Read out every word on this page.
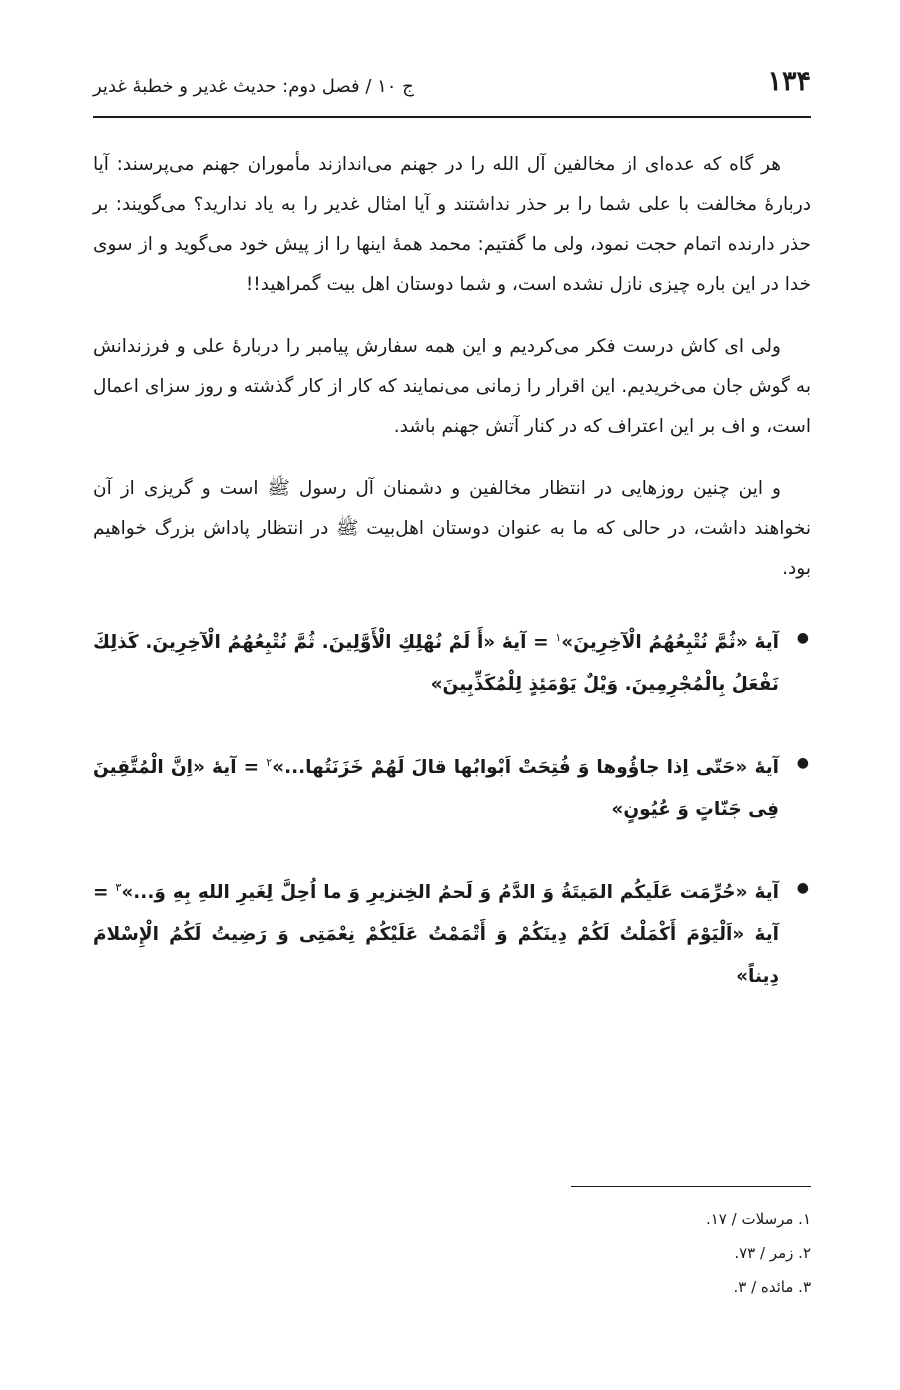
۱۳۴
ج ۱۰ / فصل دوم: حدیث غدیر و خطبهٔ غدیر

هر گاه كه عده‌ای از مخالفین آل الله را در جهنم می‌اندازند مأموران جهنم می‌پرسند: آیا دربارهٔ مخالفت با علی شما را بر حذر نداشتند و آیا امثال غدیر را به یاد ندارید؟ می‌گویند: بر حذر دارنده اتمام حجت نمود، ولی ما گفتیم: محمد همهٔ اینها را از پیش خود می‌گوید و از سوی خدا در این باره چیزی نازل نشده است، و شما دوستان اهل بیت گمراهید!!

ولی ای كاش درست فكر می‌كردیم و این همه سفارش پیامبر را دربارهٔ علی و فرزندانش به گوش جان می‌خریدیم. این اقرار را زمانی می‌نمایند كه كار از كار گذشته و روز سزای اعمال است، و اف بر این اعتراف كه در كنار آتش جهنم باشد.

و این چنین روزهایی در انتظار مخالفین و دشمنان آل رسول ﷺ است و گریزی از آن نخواهند داشت، در حالی كه ما به عنوان دوستان اهل‌بیت ﷺ در انتظار پاداش بزرگ خواهیم بود.

●
آیهٔ «ثُمَّ نُتْبِعُهُمُ الْآخِرِینَ»$^۱$ = آیهٔ «أَ لَمْ نُهْلِكِ الْأَوَّلِینَ. ثُمَّ نُتْبِعُهُمُ الْآخِرِینَ. كَذلِكَ نَفْعَلُ بِالْمُجْرِمِینَ. وَیْلٌ یَوْمَئِذٍ لِلْمُكَذِّبِینَ»
●
آیهٔ «حَتّى اِذا جاؤُوها وَ فُتِحَتْ اَبْوابُها قالَ لَهُمْ خَزَنَتُها...»$^۲$ = آیهٔ «اِنَّ الْمُتَّقِینَ فِی جَنّاتٍ وَ عُیُونٍ»
●
آیهٔ «حُرِّمَت عَلَیكُم المَیتَةُ وَ الدَّمُ وَ لَحمُ الخِنزیرِ وَ ما اُحِلَّ لِغَیرِ اللهِ بِهِ وَ...»$^۳$ = آیهٔ «اَلْیَوْمَ أَكْمَلْتُ لَكُمْ دِینَكُمْ وَ أَتْمَمْتُ عَلَیْكُمْ نِعْمَتِی وَ رَضِیتُ لَكُمُ الْإِسْلامَ دِیناً»
۱. مرسلات / ۱۷.
۲. زمر / ۷۳.
۳. مائده / ۳.
